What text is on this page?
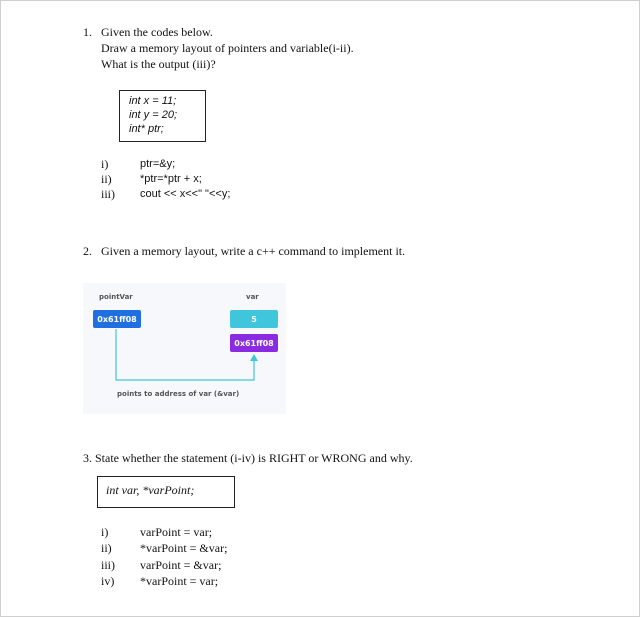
1. Given the codes below.
Draw a memory layout of pointers and variable(i-ii).
What is the output (iii)?
int x = 11;
int y = 20;
int* ptr;
i)	ptr=&y;
ii)	*ptr=*ptr + x;
iii) cout << x<<" "<<y;
2. Given a memory layout, write a c++ command to implement it.
pointVar
0x61ff08
var
5
0x61ff08
points to address of var (&var)
3. State whether the statement (i-iv) is RIGHT or WRONG and why.
int var, *varPoint;
i)	varPoint = var;
ii) *varPoint = &var;
iii) varPoint = &var;
iv) *varPoint = var;
